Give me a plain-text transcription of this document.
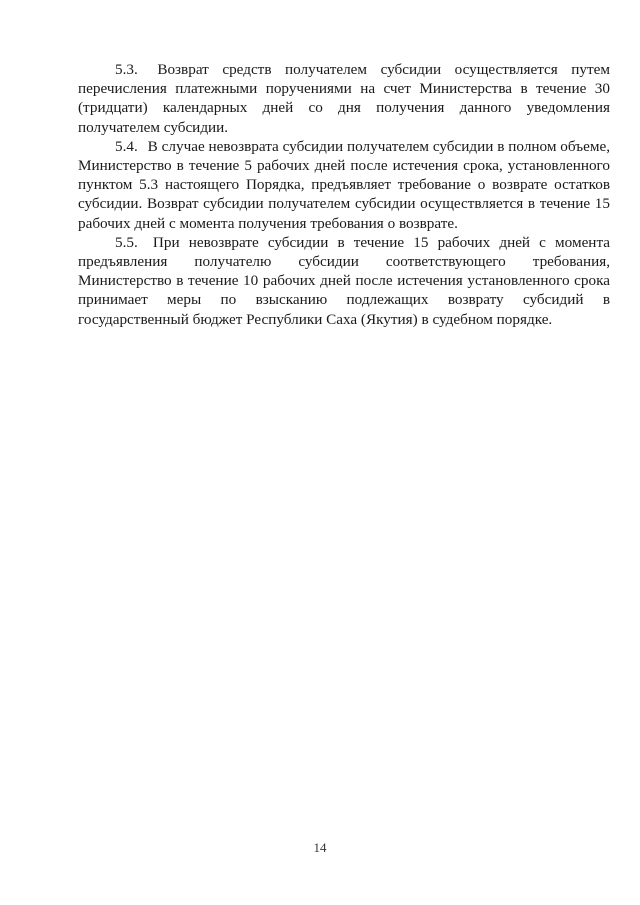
5.3. Возврат средств получателем субсидии осуществляется путем перечисления платежными поручениями на счет Министерства в течение 30 (тридцати) календарных дней со дня получения данного уведомления получателем субсидии.

5.4. В случае невозврата субсидии получателем субсидии в полном объеме, Министерство в течение 5 рабочих дней после истечения срока, установленного пунктом 5.3 настоящего Порядка, предъявляет требование о возврате остатков субсидии. Возврат субсидии получателем субсидии осуществляется в течение 15 рабочих дней с момента получения требования о возврате.

5.5. При невозврате субсидии в течение 15 рабочих дней с момента предъявления получателю субсидии соответствующего требования, Министерство в течение 10 рабочих дней после истечения установленного срока принимает меры по взысканию подлежащих возврату субсидий в государственный бюджет Республики Саха (Якутия) в судебном порядке.

14
